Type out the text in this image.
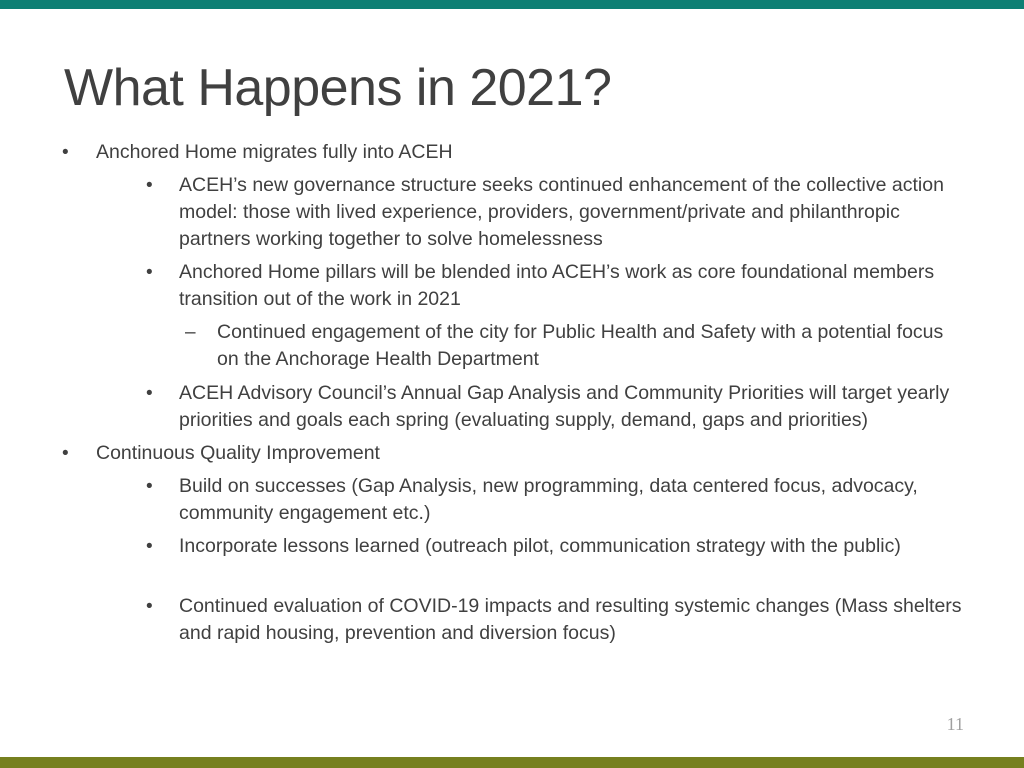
What Happens in 2021?
• Anchored Home migrates fully into ACEH
• ACEH’s new governance structure seeks continued enhancement of the collective action model: those with lived experience, providers, government/private and philanthropic partners working together to solve homelessness
• Anchored Home pillars will be blended into ACEH’s work as core foundational members transition out of the work in 2021
– Continued engagement of the city for Public Health and Safety with a potential focus on the Anchorage Health Department
• ACEH Advisory Council’s Annual Gap Analysis and Community Priorities will target yearly priorities and goals each spring (evaluating supply, demand, gaps and priorities)
• Continuous Quality Improvement
• Build on successes (Gap Analysis, new programming, data centered focus, advocacy, community engagement etc.)
• Incorporate lessons learned (outreach pilot, communication strategy with the public)
• Continued evaluation of COVID-19 impacts and resulting systemic changes (Mass shelters and rapid housing, prevention and diversion focus)
11
